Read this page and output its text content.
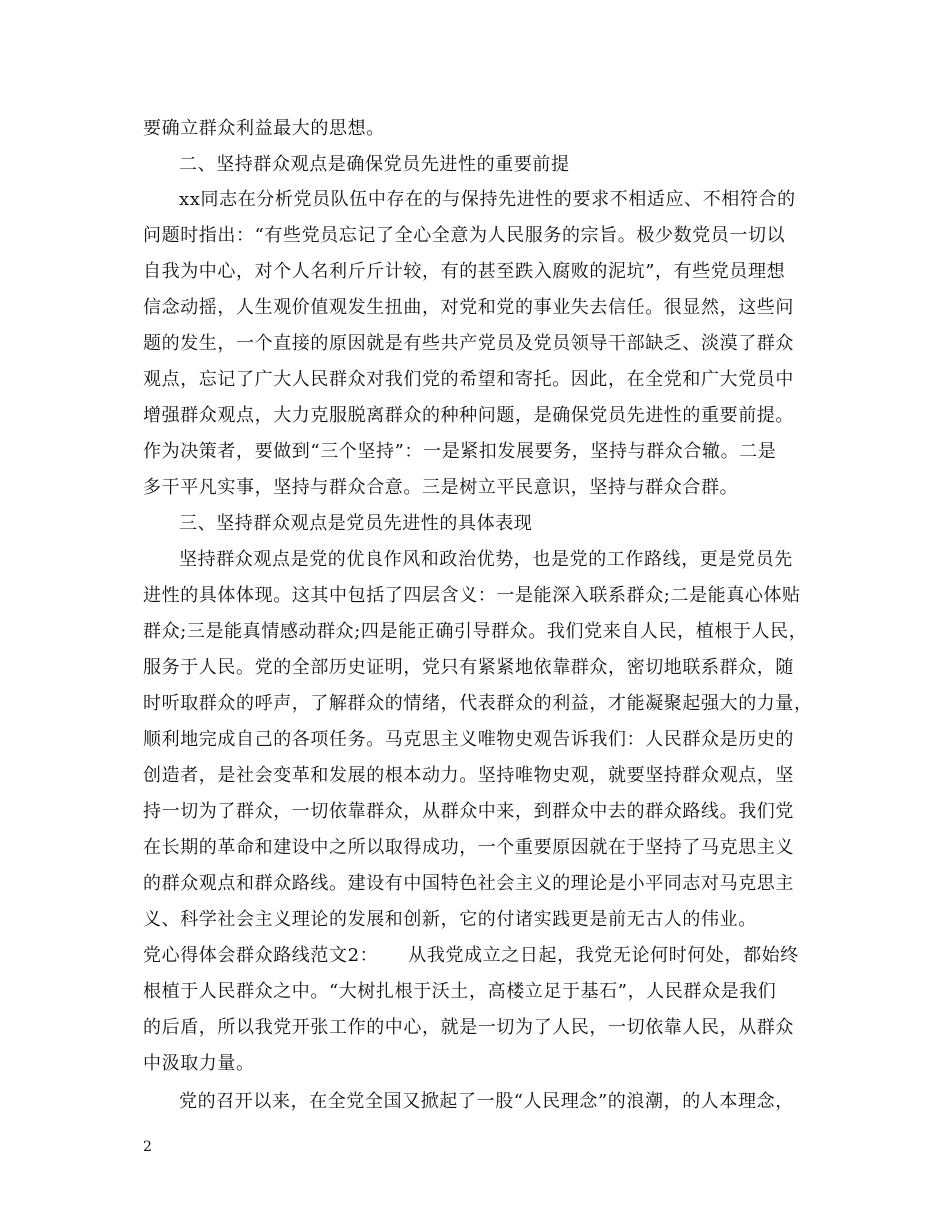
要确立群众利益最大的思想。
二、坚持群众观点是确保党员先进性的重要前提
xx同志在分析党员队伍中存在的与保持先进性的要求不相适应、不相符合的
问题时指出：“有些党员忘记了全心全意为人民服务的宗旨。极少数党员一切以
自我为中心，对个人名利斤斤计较，有的甚至跌入腐败的泥坑”，有些党员理想
信念动摇，人生观价值观发生扭曲，对党和党的事业失去信任。很显然，这些问
题的发生，一个直接的原因就是有些共产党员及党员领导干部缺乏、淡漠了群众
观点，忘记了广大人民群众对我们党的希望和寄托。因此，在全党和广大党员中
增强群众观点，大力克服脱离群众的种种问题，是确保党员先进性的重要前提。
作为决策者，要做到“三个坚持”：一是紧扣发展要务，坚持与群众合辙。二是
多干平凡实事，坚持与群众合意。三是树立平民意识，坚持与群众合群。
三、坚持群众观点是党员先进性的具体表现
坚持群众观点是党的优良作风和政治优势，也是党的工作路线，更是党员先
进性的具体体现。这其中包括了四层含义：一是能深入联系群众;二是能真心体贴
群众;三是能真情感动群众;四是能正确引导群众。我们党来自人民，植根于人民，
服务于人民。党的全部历史证明，党只有紧紧地依靠群众，密切地联系群众，随
时听取群众的呼声，了解群众的情绪，代表群众的利益，才能凝聚起强大的力量，
顺利地完成自己的各项任务。马克思主义唯物史观告诉我们：人民群众是历史的
创造者，是社会变革和发展的根本动力。坚持唯物史观，就要坚持群众观点，坚
持一切为了群众，一切依靠群众，从群众中来，到群众中去的群众路线。我们党
在长期的革命和建设中之所以取得成功，一个重要原因就在于坚持了马克思主义
的群众观点和群众路线。建设有中国特色社会主义的理论是小平同志对马克思主
义、科学社会主义理论的发展和创新，它的付诸实践更是前无古人的伟业。
党心得体会群众路线范文2： 从我党成立之日起，我党无论何时何处，都始终
根植于人民群众之中。“大树扎根于沃土，高楼立足于基石”，人民群众是我们
的后盾，所以我党开张工作的中心，就是一切为了人民，一切依靠人民，从群众
中汲取力量。
党的召开以来，在全党全国又掀起了一股“人民理念”的浪潮，的人本理念，
2
